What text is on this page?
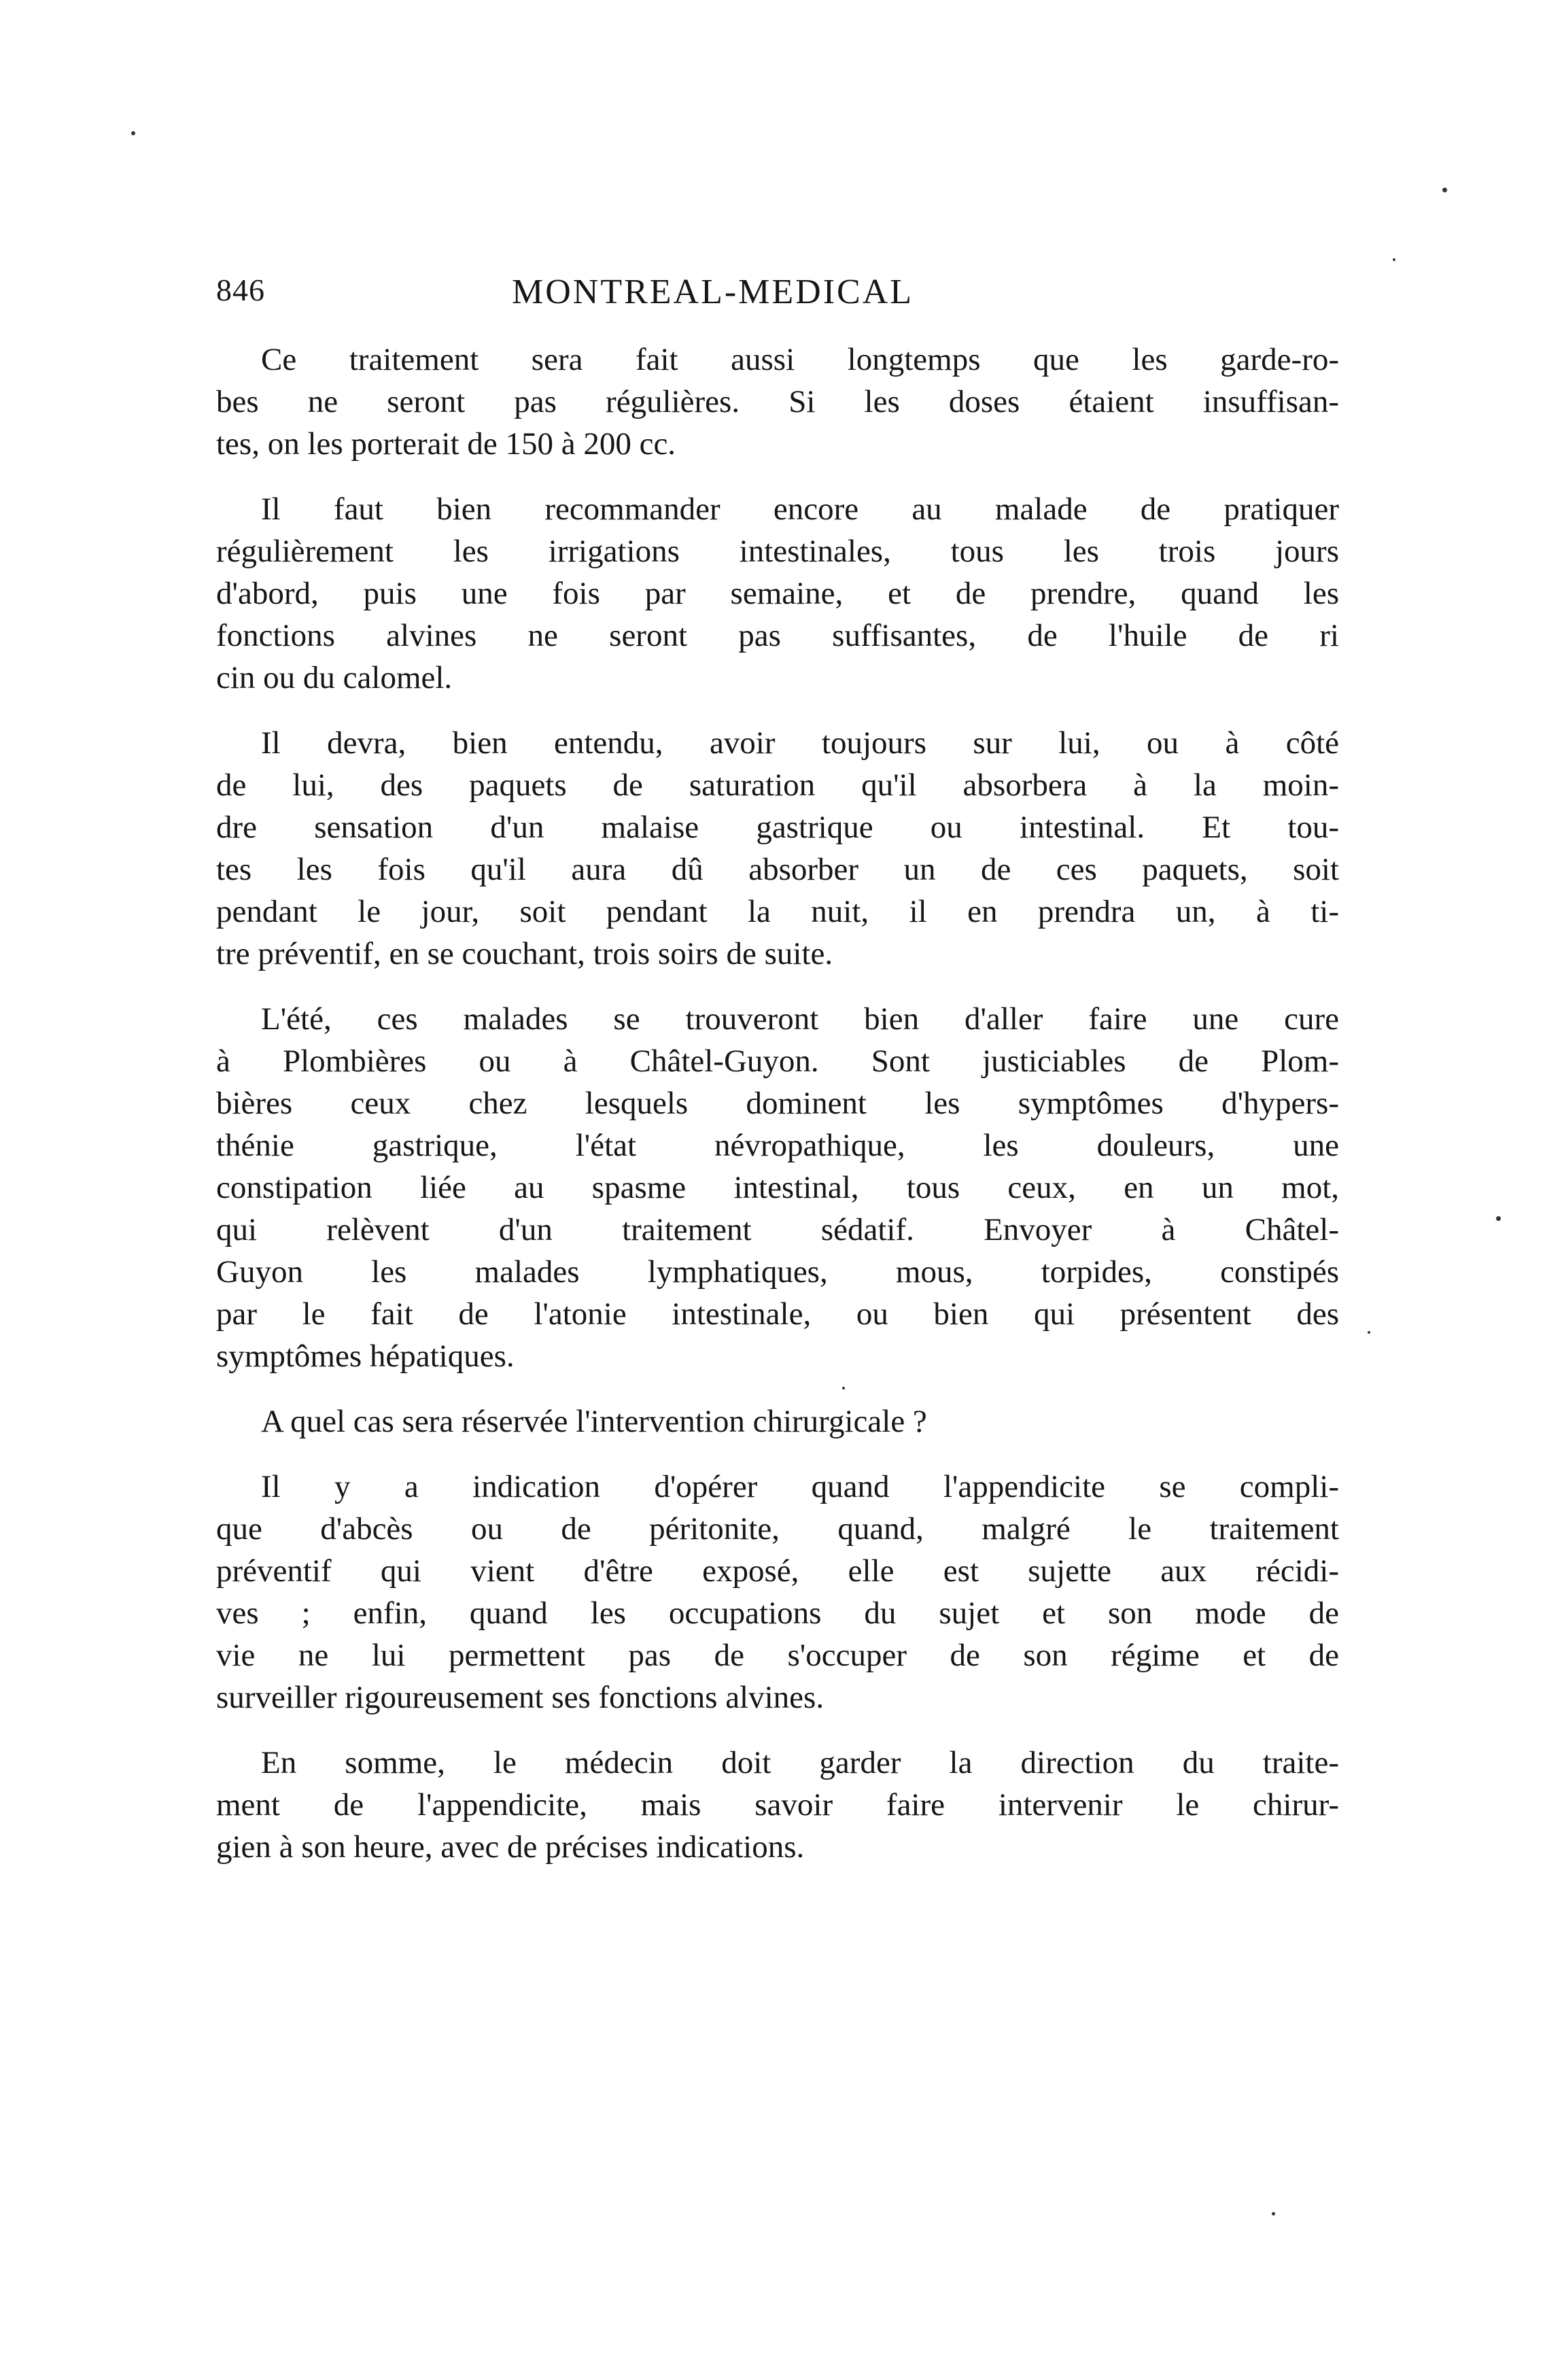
846	MONTREAL-MEDICAL
Ce traitement sera fait aussi longtemps que les garde-ro-
bes ne seront pas régulières. Si les doses étaient insuffisan-
tes, on les porterait de 150 à 200 cc.
Il faut bien recommander encore au malade de pratiquer
régulièrement les irrigations intestinales, tous les trois jours
d'abord, puis une fois par semaine, et de prendre, quand les
fonctions alvines ne seront pas suffisantes, de l'huile de ri
cin ou du calomel.
Il devra, bien entendu, avoir toujours sur lui, ou à côté
de lui, des paquets de saturation qu'il absorbera à la moin-
dre sensation d'un malaise gastrique ou intestinal. Et tou-
tes les fois qu'il aura dû absorber un de ces paquets, soit
pendant le jour, soit pendant la nuit, il en prendra un, à ti-
tre préventif, en se couchant, trois soirs de suite.
L'été, ces malades se trouveront bien d'aller faire une cure
à Plombières ou à Châtel-Guyon. Sont justiciables de Plom-
bières ceux chez lesquels dominent les symptômes d'hypers-
thénie gastrique, l'état névropathique, les douleurs, une
constipation liée au spasme intestinal, tous ceux, en un mot,
qui relèvent d'un traitement sédatif. Envoyer à Châtel-
Guyon les malades lymphatiques, mous, torpides, constipés
par le fait de l'atonie intestinale, ou bien qui présentent des
symptômes hépatiques.
A quel cas sera réservée l'intervention chirurgicale ?
Il y a indication d'opérer quand l'appendicite se compli-
que d'abcès ou de péritonite, quand, malgré le traitement
préventif qui vient d'être exposé, elle est sujette aux récidi-
ves ; enfin, quand les occupations du sujet et son mode de
vie ne lui permettent pas de s'occuper de son régime et de
surveiller rigoureusement ses fonctions alvines.
En somme, le médecin doit garder la direction du traite-
ment de l'appendicite, mais savoir faire intervenir le chirur-
gien à son heure, avec de précises indications.
